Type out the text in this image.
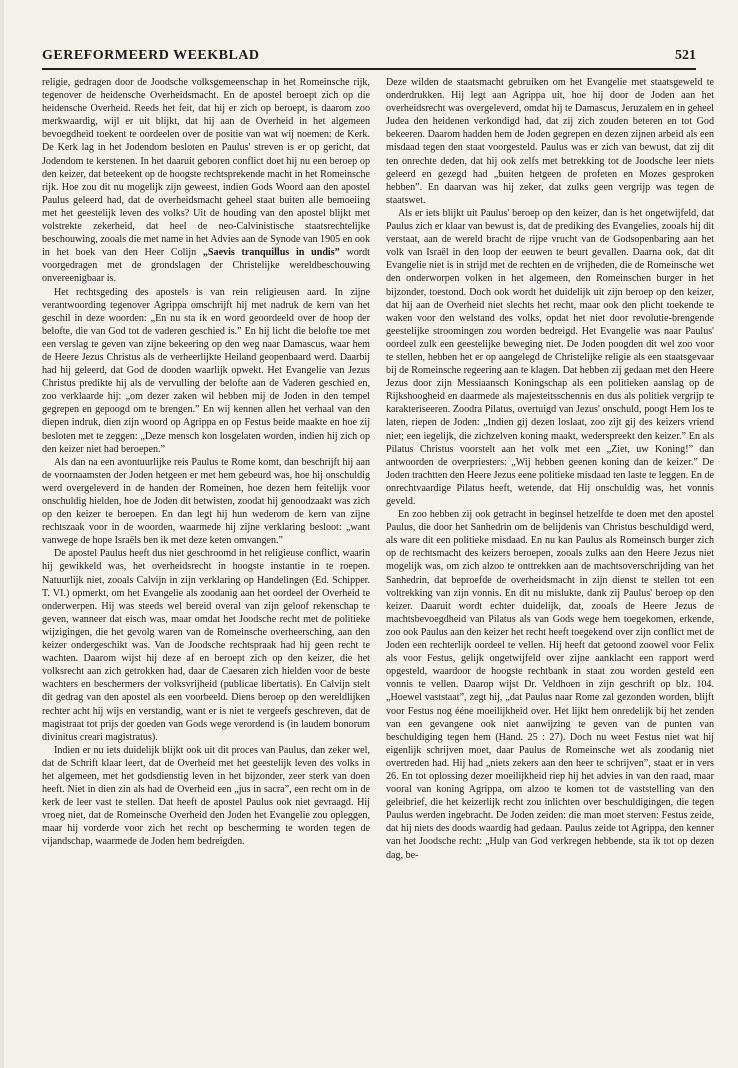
GEREFORMEERD WEEKBLAD	521

religie, gedragen door de Joodsche volksgemeenschap in het Romeinsche rijk, tegenover de heidensche Overheidsmacht. En de apostel beroept zich op die heidensche Overheid. Reeds het feit, dat hij er zich op beroept, is daarom zoo merkwaardig, wijl er uit blijkt, dat hij aan de Overheid in het algemeen bevoegdheid toekent te oordeelen over de positie van wat wij noemen: de Kerk. De Kerk lag in het Jodendom besloten en Paulus' streven is er op gericht, dat Jodendom te kerstenen. In het daaruit geboren conflict doet hij nu een beroep op den keizer, dat beteekent op de hoogste rechtsprekende macht in het Romeinsche rijk. Hoe zou dit nu mogelijk zijn geweest, indien Gods Woord aan den apostel Paulus geleerd had, dat de overheidsmacht geheel staat buiten alle bemoeiing met het geestelijk leven des volks? Uit de houding van den apostel blijkt met volstrekte zekerheid, dat heel de neo-Calvinistische staatsrechtelijke beschouwing, zooals die met name in het Advies aan de Synode van 1905 en ook in het boek van den Heer Colijn „Saevis tranquillus in undis” wordt voorgedragen met de grondslagen der Christelijke wereldbeschouwing onvereenigbaar is.

Het rechtsgeding des apostels is van rein religieusen aard. In zijne verantwoording tegenover Agrippa omschrijft hij met nadruk de kern van het geschil in deze woorden: „En nu sta ik en word geoordeeld over de hoop der belofte, die van God tot de vaderen geschied is.” En hij licht die belofte toe met een verslag te geven van zijne bekeering op den weg naar Damascus, waar hem de Heere Jezus Christus als de verheerlijkte Heiland geopenbaard werd. Daarbij had hij geleerd, dat God de dooden waarlijk opwekt. Het Evangelie van Jezus Christus predikte hij als de vervulling der belofte aan de Vaderen geschied en, zoo verklaarde hij: „om dezer zaken wil hebben mij de Joden in den tempel gegrepen en gepoogd om te brengen.” En wij kennen allen het verhaal van den diepen indruk, dien zijn woord op Agrippa en op Festus beide maakte en hoe zij besloten met te zeggen: „Deze mensch kon losgelaten worden, indien hij zich op den keizer niet had beroepen.”

Als dan na een avontuurlijke reis Paulus te Rome komt, dan beschrijft hij aan de voornaamsten der Joden hetgeen er met hem gebeurd was, hoe hij onschuldig werd overgeleverd in de handen der Romeinen, hoe dezen hem feitelijk voor onschuldig hielden, hoe de Joden dit betwisten, zoodat hij genoodzaakt was zich op den keizer te beroepen. En dan legt hij hun wederom de kern van zijne rechtszaak voor in de woorden, waarmede hij zijne verklaring besloot: „want vanwege de hope Israëls ben ik met deze keten omvangen.”

De apostel Paulus heeft dus niet geschroomd in het religieuse conflict, waarin hij gewikkeld was, het overheidsrecht in hoogste instantie in te roepen. Natuurlijk niet, zooals Calvijn in zijn verklaring op Handelingen (Ed. Schipper. T. VI.) opmerkt, om het Evangelie als zoodanig aan het oordeel der Overheid te onderwerpen. Hij was steeds wel bereid overal van zijn geloof rekenschap te geven, wanneer dat eisch was, maar omdat het Joodsche recht met de politieke wijzigingen, die het gevolg waren van de Romeinsche overheersching, aan den keizer ondergeschikt was. Van de Joodsche rechtspraak had hij geen recht te wachten. Daarom wijst hij deze af en beroept zich op den keizer, die het volksrecht aan zich getrokken had, daar de Caesaren zich hielden voor de beste wachters en beschermers der volksvrijheid (publicae libertatis). En Calvijn stelt dit gedrag van den apostel als een voorbeeld. Diens beroep op den wereldlijken rechter acht hij wijs en verstandig, want er is niet te vergeefs geschreven, dat de magistraat tot prijs der goeden van Gods wege verordend is (in laudem bonorum divinitus creari magistratus).

Indien er nu iets duidelijk blijkt ook uit dit proces van Paulus, dan zeker wel, dat de Schrift klaar leert, dat de Overheid met het geestelijk leven des volks in het algemeen, met het godsdienstig leven in het bijzonder, zeer sterk van doen heeft. Niet in dien zin als had de Overheid een „jus in sacra”, een recht om in de kerk de leer vast te stellen. Dat heeft de apostel Paulus ook niet gevraagd. Hij vroeg niet, dat de Romeinsche Overheid den Joden het Evangelie zou opleggen, maar hij vorderde voor zich het recht op bescherming te worden tegen de vijandschap, waarmede de Joden hem bedreigden.

Deze wilden de staatsmacht gebruiken om het Evangelie met staatsgeweld te onderdrukken. Hij legt aan Agrippa uit, hoe hij door de Joden aan het overheidsrecht was overgeleverd, omdat hij te Damascus, Jeruzalem en in geheel Judea den heidenen verkondigd had, dat zij zich zouden beteren en tot God bekeeren. Daarom hadden hem de Joden gegrepen en dezen zijnen arbeid als een misdaad tegen den staat voorgesteld. Paulus was er zich van bewust, dat zij dit ten onrechte deden, dat hij ook zelfs met betrekking tot de Joodsche leer niets geleerd en gezegd had „buiten hetgeen de profeten en Mozes gesproken hebben”. En daarvan was hij zeker, dat zulks geen vergrijp was tegen de staatswet.

Als er iets blijkt uit Paulus' beroep op den keizer, dan is het ongetwijfeld, dat Paulus zich er klaar van bewust is, dat de prediking des Evangelies, zooals hij dit verstaat, aan de wereld bracht de rijpe vrucht van de Godsopenbaring aan het volk van Israël in den loop der eeuwen te beurt gevallen. Daarna ook, dat dit Evangelie niet is in strijd met de rechten en de vrijheden, die de Romeinsche wet den onderworpen volken in het algemeen, den Romeinschen burger in het bijzonder, toestond. Doch ook wordt het duidelijk uit zijn beroep op den keizer, dat hij aan de Overheid niet slechts het recht, maar ook den plicht toekende te waken voor den welstand des volks, opdat het niet door revolutie-brengende geestelijke stroomingen zou worden bedreigd. Het Evangelie was naar Paulus' oordeel zulk een geestelijke beweging niet. De Joden poogden dit wel zoo voor te stellen, hebben het er op aangelegd de Christelijke religie als een staatsgevaar bij de Romeinsche regeering aan te klagen. Dat hebben zij gedaan met den Heere Jezus door zijn Messiaansch Koningschap als een politieken aanslag op de Rijkshoogheid en daarmede als majesteitsschennis en dus als politiek vergrijp te karakteriseeren. Zoodra Pilatus, overtuigd van Jezus' onschuld, poogt Hem los te laten, riepen de Joden: „Indien gij dezen loslaat, zoo zijt gij des keizers vriend niet; een iegelijk, die zichzelven koning maakt, wederspreekt den keizer.” En als Pilatus Christus voorstelt aan het volk met een „Ziet, uw Koning!” dan antwoorden de overpriesters: „Wij hebben geenen koning dan de keizer.” De Joden trachtten den Heere Jezus eene politieke misdaad ten laste te leggen. En de onrechtvaardige Pilatus heeft, wetende, dat Hij onschuldig was, het vonnis geveld.

En zoo hebben zij ook getracht in beginsel hetzelfde te doen met den apostel Paulus, die door het Sanhedrin om de belijdenis van Christus beschuldigd werd, als ware dit een politieke misdaad. En nu kan Paulus als Romeinsch burger zich op de rechtsmacht des keizers beroepen, zooals zulks aan den Heere Jezus niet mogelijk was, om zich alzoo te onttrekken aan de machtsoverschrijding van het Sanhedrin, dat beproefde de overheidsmacht in zijn dienst te stellen tot een voltrekking van zijn vonnis. En dit nu mislukte, dank zij Paulus' beroep op den keizer. Daaruit wordt echter duidelijk, dat, zooals de Heere Jezus de machtsbevoegdheid van Pilatus als van Gods wege hem toegekomen, erkende, zoo ook Paulus aan den keizer het recht heeft toegekend over zijn conflict met de Joden een rechterlijk oordeel te vellen. Hij heeft dat getoond zoowel voor Felix als voor Festus, gelijk ongetwijfeld over zijne aanklacht een rapport werd opgesteld, waardoor de hoogste rechtbank in staat zou worden gesteld een vonnis te vellen. Daarop wijst Dr. Veldhoen in zijn geschrift op blz. 104. „Hoewel vaststaat”, zegt hij, „dat Paulus naar Rome zal gezonden worden, blijft voor Festus nog ééne moeilijkheid over. Het lijkt hem onredelijk bij het zenden van een gevangene ook niet aanwijzing te geven van de punten van beschuldiging tegen hem (Hand. 25 : 27). Doch nu weet Festus niet wat hij eigenlijk schrijven moet, daar Paulus de Romeinsche wet als zoodanig niet overtreden had. Hij had „niets zekers aan den heer te schrijven”, staat er in vers 26. En tot oplossing dezer moeilijkheid riep hij het advies in van den raad, maar vooral van koning Agrippa, om alzoo te komen tot de vaststelling van den geleibrief, die het keizerlijk recht zou inlichten over beschuldigingen, die tegen Paulus werden ingebracht. De Joden zeiden: die man moet sterven: Festus zeide, dat hij niets des doods waardig had gedaan. Paulus zeide tot Agrippa, den kenner van het Joodsche recht: „Hulp van God verkregen hebbende, sta ik tot op dezen dag, be-
